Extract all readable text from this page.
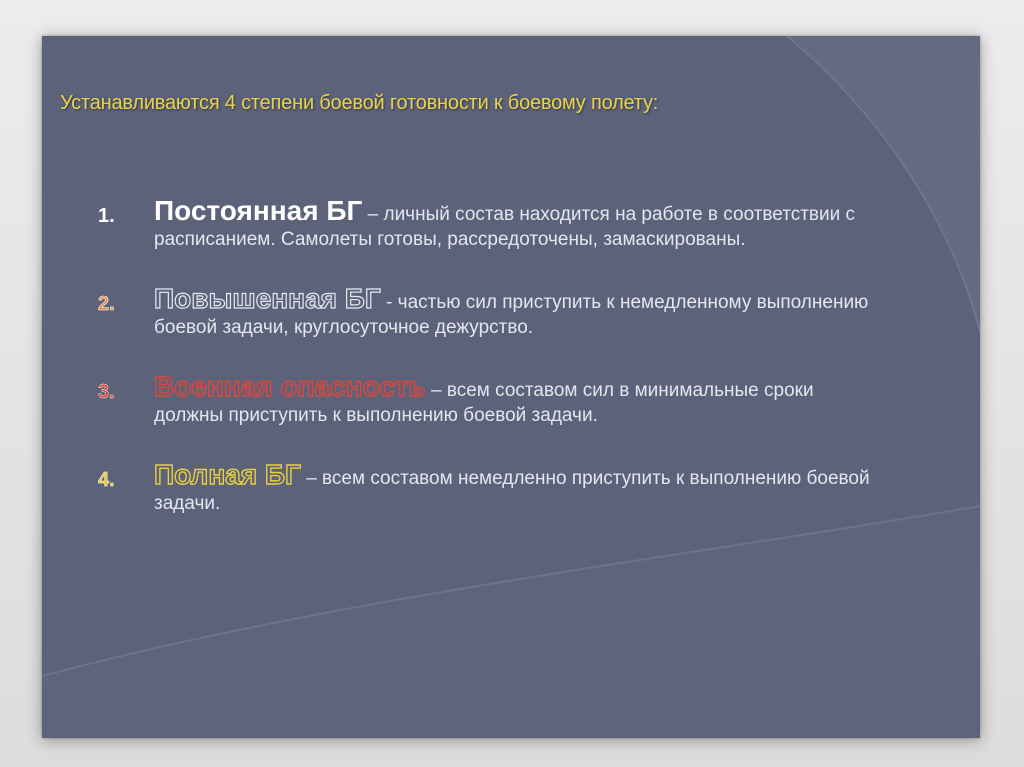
Устанавливаются 4 степени боевой готовности к боевому полету:
1. Постоянная БГ – личный состав находится на работе в соответствии с расписанием. Самолеты готовы, рассредоточены, замаскированы.
2. Повышенная БГ - частью сил приступить к немедленному выполнению боевой задачи, круглосуточное дежурство.
3. Военная опасность – всем составом сил в минимальные сроки должны приступить к выполнению боевой задачи.
4. Полная БГ – всем составом немедленно приступить к выполнению боевой задачи.
